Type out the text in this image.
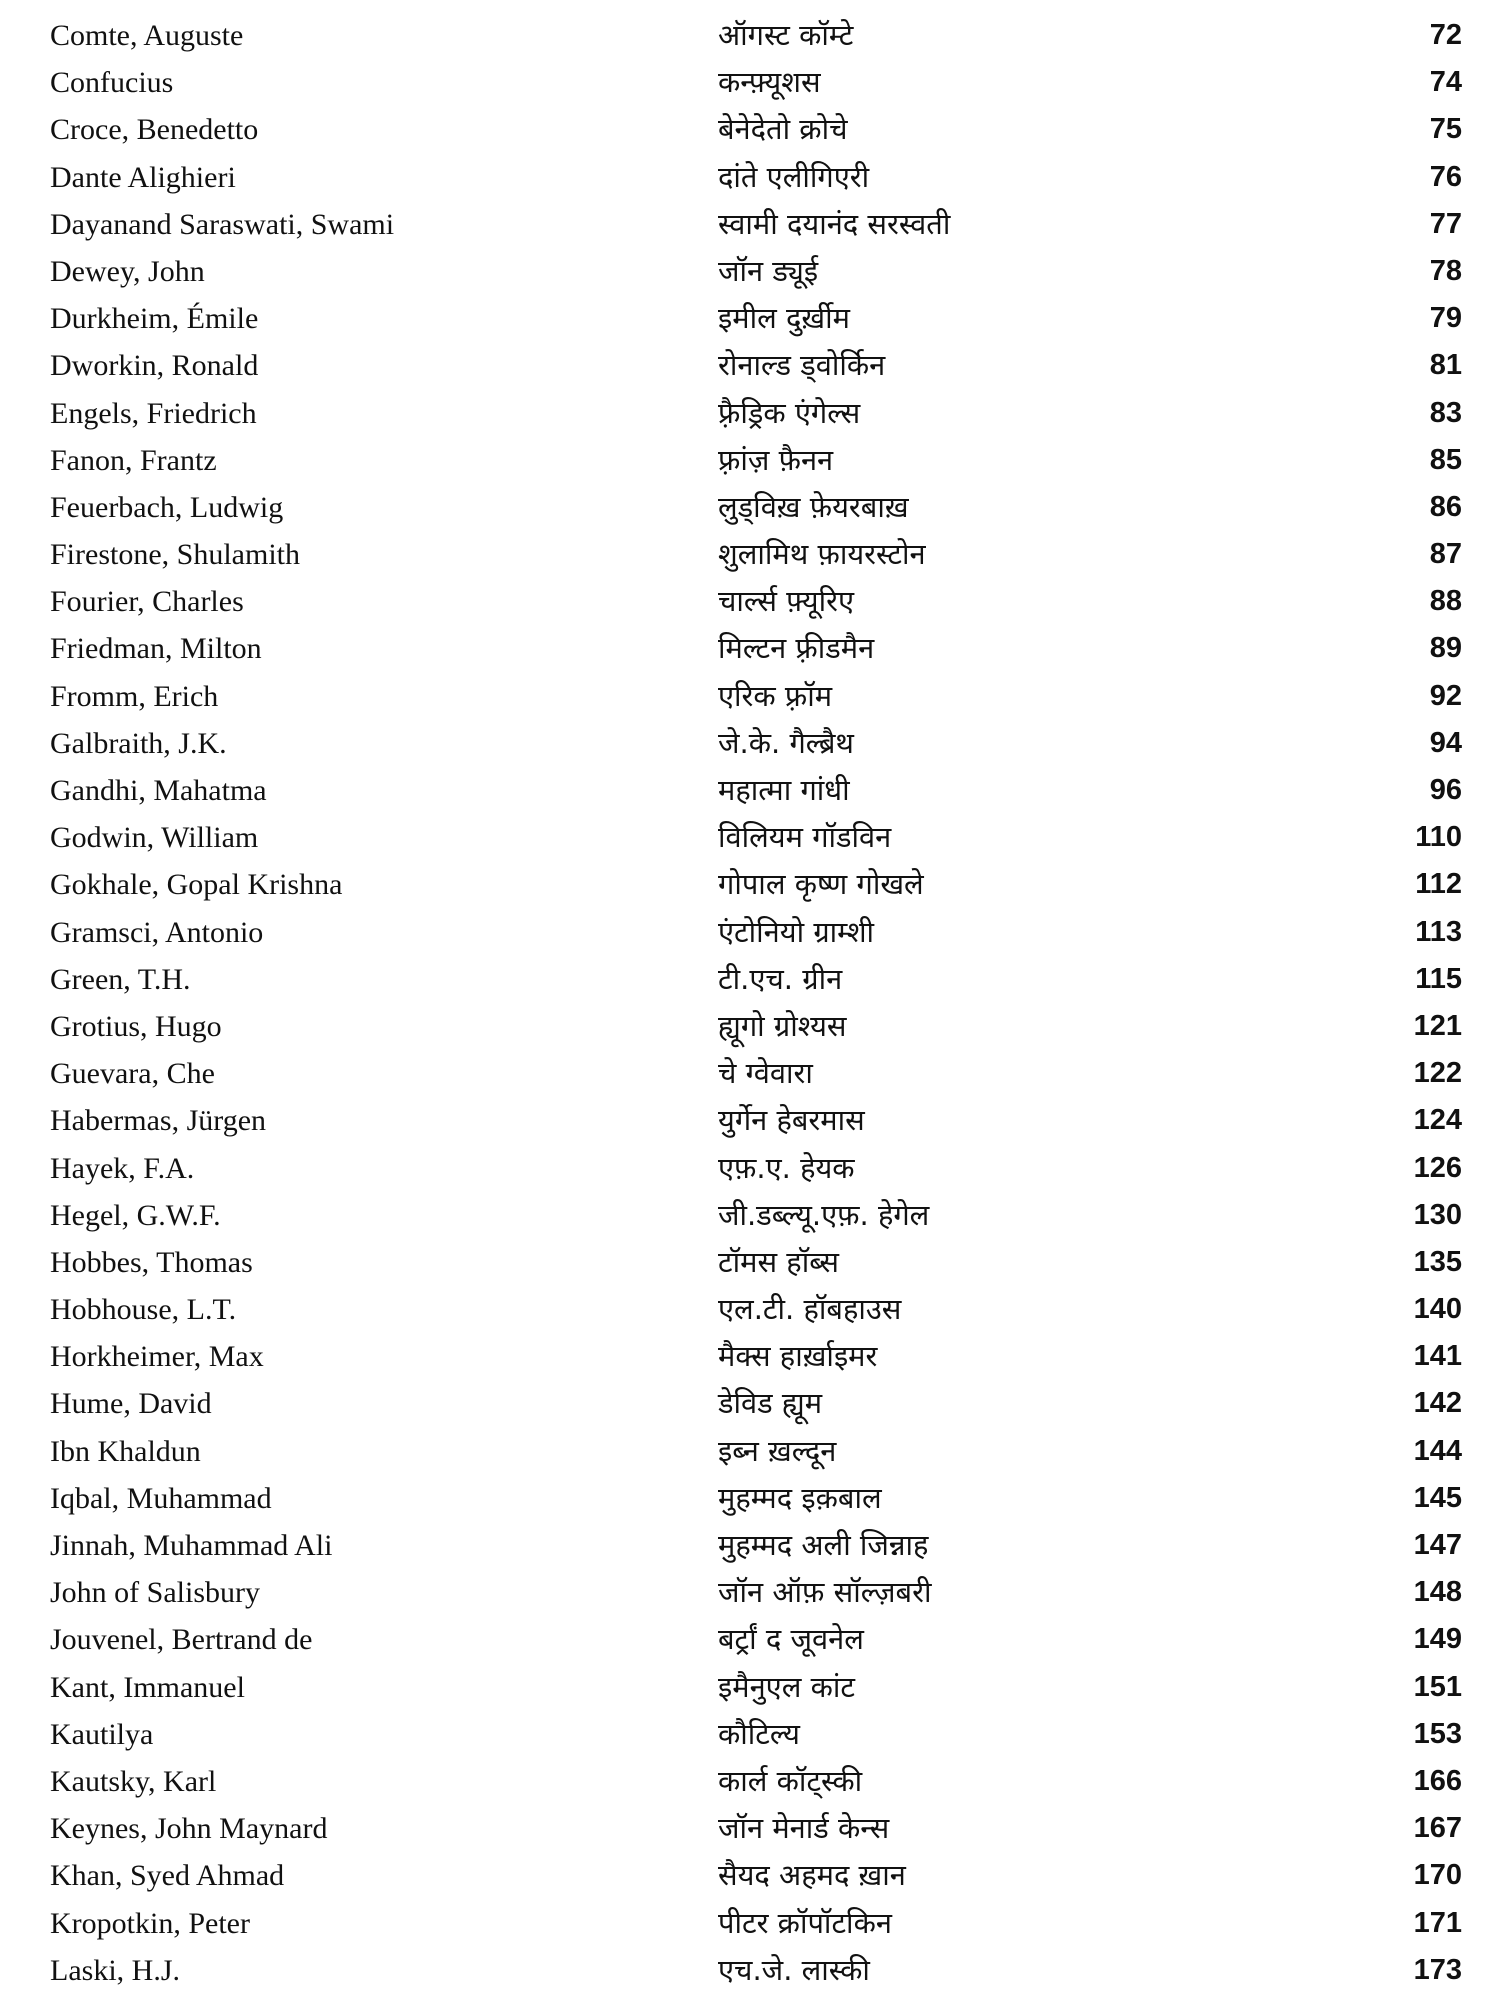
Comte, Auguste	ऑगस्ट कॉम्टे	72
Confucius	कन्फ़्यूशस	74
Croce, Benedetto	बेनेदेतो क्रोचे	75
Dante Alighieri	दांते एलीगिएरी	76
Dayanand Saraswati, Swami	स्वामी दयानंद सरस्वती	77
Dewey, John	जॉन ड्यूई	78
Durkheim, Émile	इमील दुर्ख़ीम	79
Dworkin, Ronald	रोनाल्ड ड्वोर्किन	81
Engels, Friedrich	फ़्रैड्रिक एंगेल्स	83
Fanon, Frantz	फ़्रांज़ फ़ैनन	85
Feuerbach, Ludwig	लुड्विख़ फ़ेयरबाख़	86
Firestone, Shulamith	शुलामिथ फ़ायरस्टोन	87
Fourier, Charles	चार्ल्स फ़्यूरिए	88
Friedman, Milton	मिल्टन फ़्रीडमैन	89
Fromm, Erich	एरिक फ़्रॉम	92
Galbraith, J.K.	जे.के. गैल्ब्रैथ	94
Gandhi, Mahatma	महात्मा गांधी	96
Godwin, William	विलियम गॉडविन	110
Gokhale, Gopal Krishna	गोपाल कृष्ण गोखले	112
Gramsci, Antonio	एंटोनियो ग्राम्शी	113
Green, T.H.	टी.एच. ग्रीन	115
Grotius, Hugo	ह्यूगो ग्रोश्यस	121
Guevara, Che	चे ग्वेवारा	122
Habermas, Jürgen	युर्गेन हेबरमास	124
Hayek, F.A.	एफ़.ए. हेयक	126
Hegel, G.W.F.	जी.डब्ल्यू.एफ़. हेगेल	130
Hobbes, Thomas	टॉमस हॉब्स	135
Hobhouse, L.T.	एल.टी. हॉबहाउस	140
Horkheimer, Max	मैक्स हार्ख़ाइमर	141
Hume, David	डेविड ह्यूम	142
Ibn Khaldun	इब्न ख़ल्दून	144
Iqbal, Muhammad	मुहम्मद इक़बाल	145
Jinnah, Muhammad Ali	मुहम्मद अली जिन्नाह	147
John of Salisbury	जॉन ऑफ़ सॉल्ज़बरी	148
Jouvenel, Bertrand de	बर्ट्रां द जूवनेल	149
Kant, Immanuel	इमैनुएल कांट	151
Kautilya	कौटिल्य	153
Kautsky, Karl	कार्ल कॉट्स्की	166
Keynes, John Maynard	जॉन मेनार्ड केन्स	167
Khan, Syed Ahmad	सैयद अहमद ख़ान	170
Kropotkin, Peter	पीटर क्रॉपॉटकिन	171
Laski, H.J.	एच.जे. लास्की	173
